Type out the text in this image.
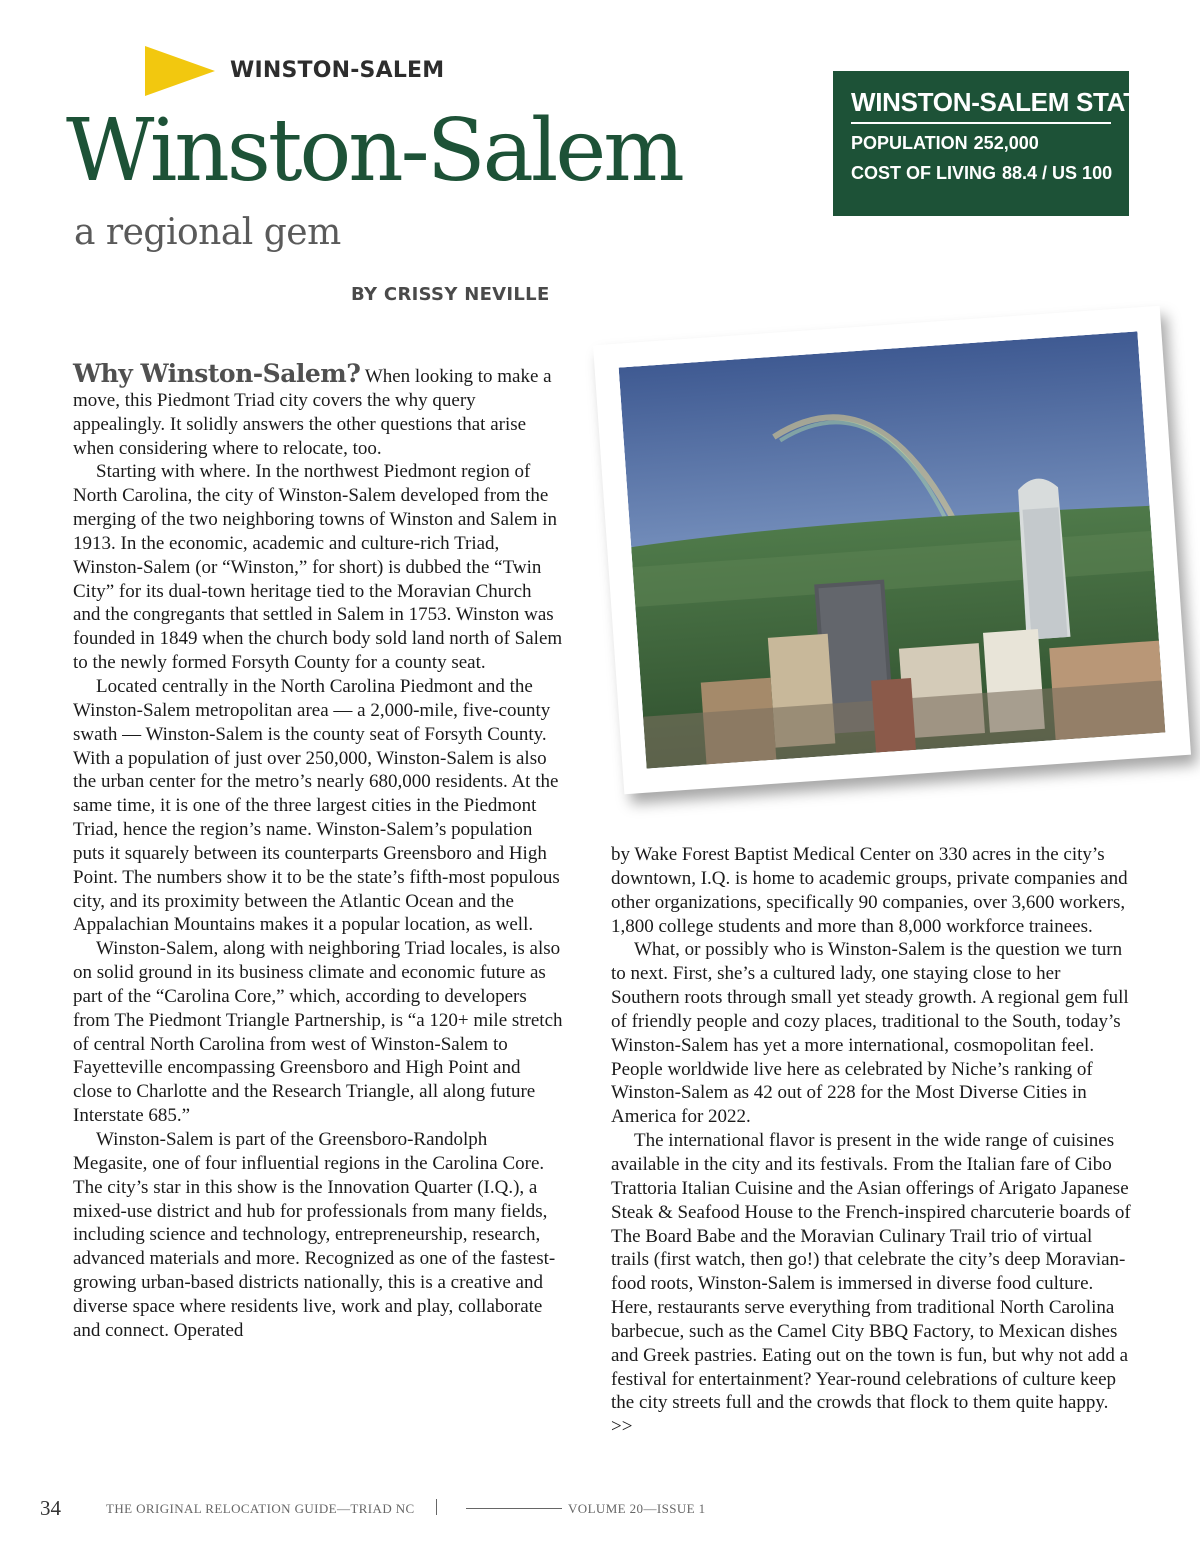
WINSTON-SALEM
Winston-Salem
a regional gem
BY CRISSY NEVILLE
WINSTON-SALEM STATS
POPULATION 252,000
COST OF LIVING 88.4 / US 100

Why Winston-Salem? When looking to make a move, this Piedmont Triad city covers the why query appealingly. It solidly answers the other questions that arise when considering where to relocate, too.

Starting with where. In the northwest Piedmont region of North Carolina, the city of Winston-Salem developed from the merging of the two neighboring towns of Winston and Salem in 1913. In the economic, academic and culture-rich Triad, Winston-Salem (or “Winston,” for short) is dubbed the “Twin City” for its dual-town heritage tied to the Moravian Church and the congregants that settled in Salem in 1753. Winston was founded in 1849 when the church body sold land north of Salem to the newly formed Forsyth County for a county seat.

Located centrally in the North Carolina Piedmont and the Winston-Salem metropolitan area — a 2,000-mile, five-county swath — Winston-Salem is the county seat of Forsyth County. With a population of just over 250,000, Winston-Salem is also the urban center for the metro’s nearly 680,000 residents. At the same time, it is one of the three largest cities in the Piedmont Triad, hence the region’s name. Winston-Salem’s population puts it squarely between its counterparts Greensboro and High Point. The numbers show it to be the state’s fifth-most populous city, and its proximity between the Atlantic Ocean and the Appalachian Mountains makes it a popular location, as well.

Winston-Salem, along with neighboring Triad locales, is also on solid ground in its business climate and economic future as part of the “Carolina Core,” which, according to developers from The Piedmont Triangle Partnership, is “a 120+ mile stretch of central North Carolina from west of Winston-Salem to Fayetteville encompassing Greensboro and High Point and close to Charlotte and the Research Triangle, all along future Interstate 685.”

Winston-Salem is part of the Greensboro-Randolph Megasite, one of four influential regions in the Carolina Core. The city’s star in this show is the Innovation Quarter (I.Q.), a mixed-use district and hub for professionals from many fields, including science and technology, entrepreneurship, research, advanced materials and more. Recognized as one of the fastest-growing urban-based districts nationally, this is a creative and diverse space where residents live, work and play, collaborate and connect. Operated

by Wake Forest Baptist Medical Center on 330 acres in the city’s downtown, I.Q. is home to academic groups, private companies and other organizations, specifically 90 companies, over 3,600 workers, 1,800 college students and more than 8,000 workforce trainees.

What, or possibly who is Winston-Salem is the question we turn to next. First, she’s a cultured lady, one staying close to her Southern roots through small yet steady growth. A regional gem full of friendly people and cozy places, traditional to the South, today’s Winston-Salem has yet a more international, cosmopolitan feel. People worldwide live here as celebrated by Niche’s ranking of Winston-Salem as 42 out of 228 for the Most Diverse Cities in America for 2022.

The international flavor is present in the wide range of cuisines available in the city and its festivals. From the Italian fare of Cibo Trattoria Italian Cuisine and the Asian offerings of Arigato Japanese Steak & Seafood House to the French-inspired charcuterie boards of The Board Babe and the Moravian Culinary Trail trio of virtual trails (first watch, then go!) that celebrate the city’s deep Moravian-food roots, Winston-Salem is immersed in diverse food culture. Here, restaurants serve everything from traditional North Carolina barbecue, such as the Camel City BBQ Factory, to Mexican dishes and Greek pastries. Eating out on the town is fun, but why not add a festival for entertainment? Year-round celebrations of culture keep the city streets full and the crowds that flock to them quite happy. >>

34	THE ORIGINAL RELOCATION GUIDE—TRIAD NC	VOLUME 20—ISSUE 1
